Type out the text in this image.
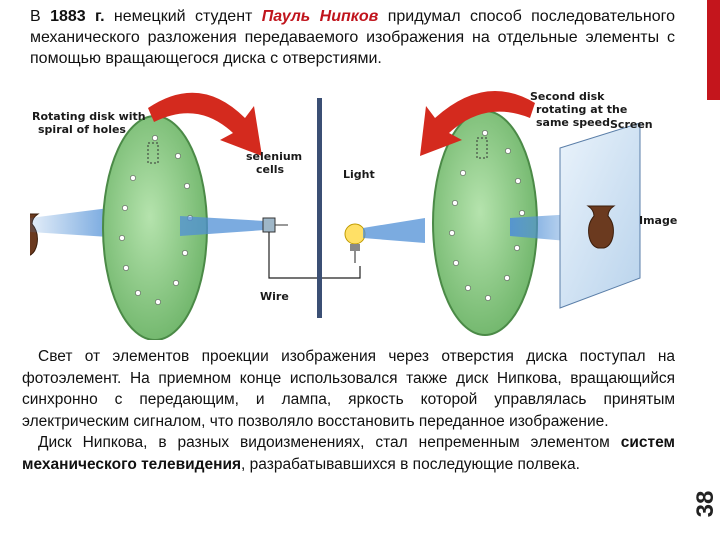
В 1883 г. немецкий студент Пауль Нипков придумал способ последовательного механического разложения передаваемого изображения на отдельные элементы с помощью вращающегося диска с отверстиями.
Rotating disk with
spiral of holes
selenium
cells	Light
Wire
Second disk
rotating at the
same speed Screen
Image

Свет от элементов проекции изображения через отверстия диска поступал на фотоэлемент. На приемном конце использовался также диск Нипкова, вращающийся синхронно с передающим, и лампа, яркость которой управлялась принятым электрическим сигналом, что позволяло восстановить переданное изображение.

Диск Нипкова, в разных видоизменениях, стал непременным элементом систем механического телевидения, разрабатывавшихся в последующие полвека.

38
